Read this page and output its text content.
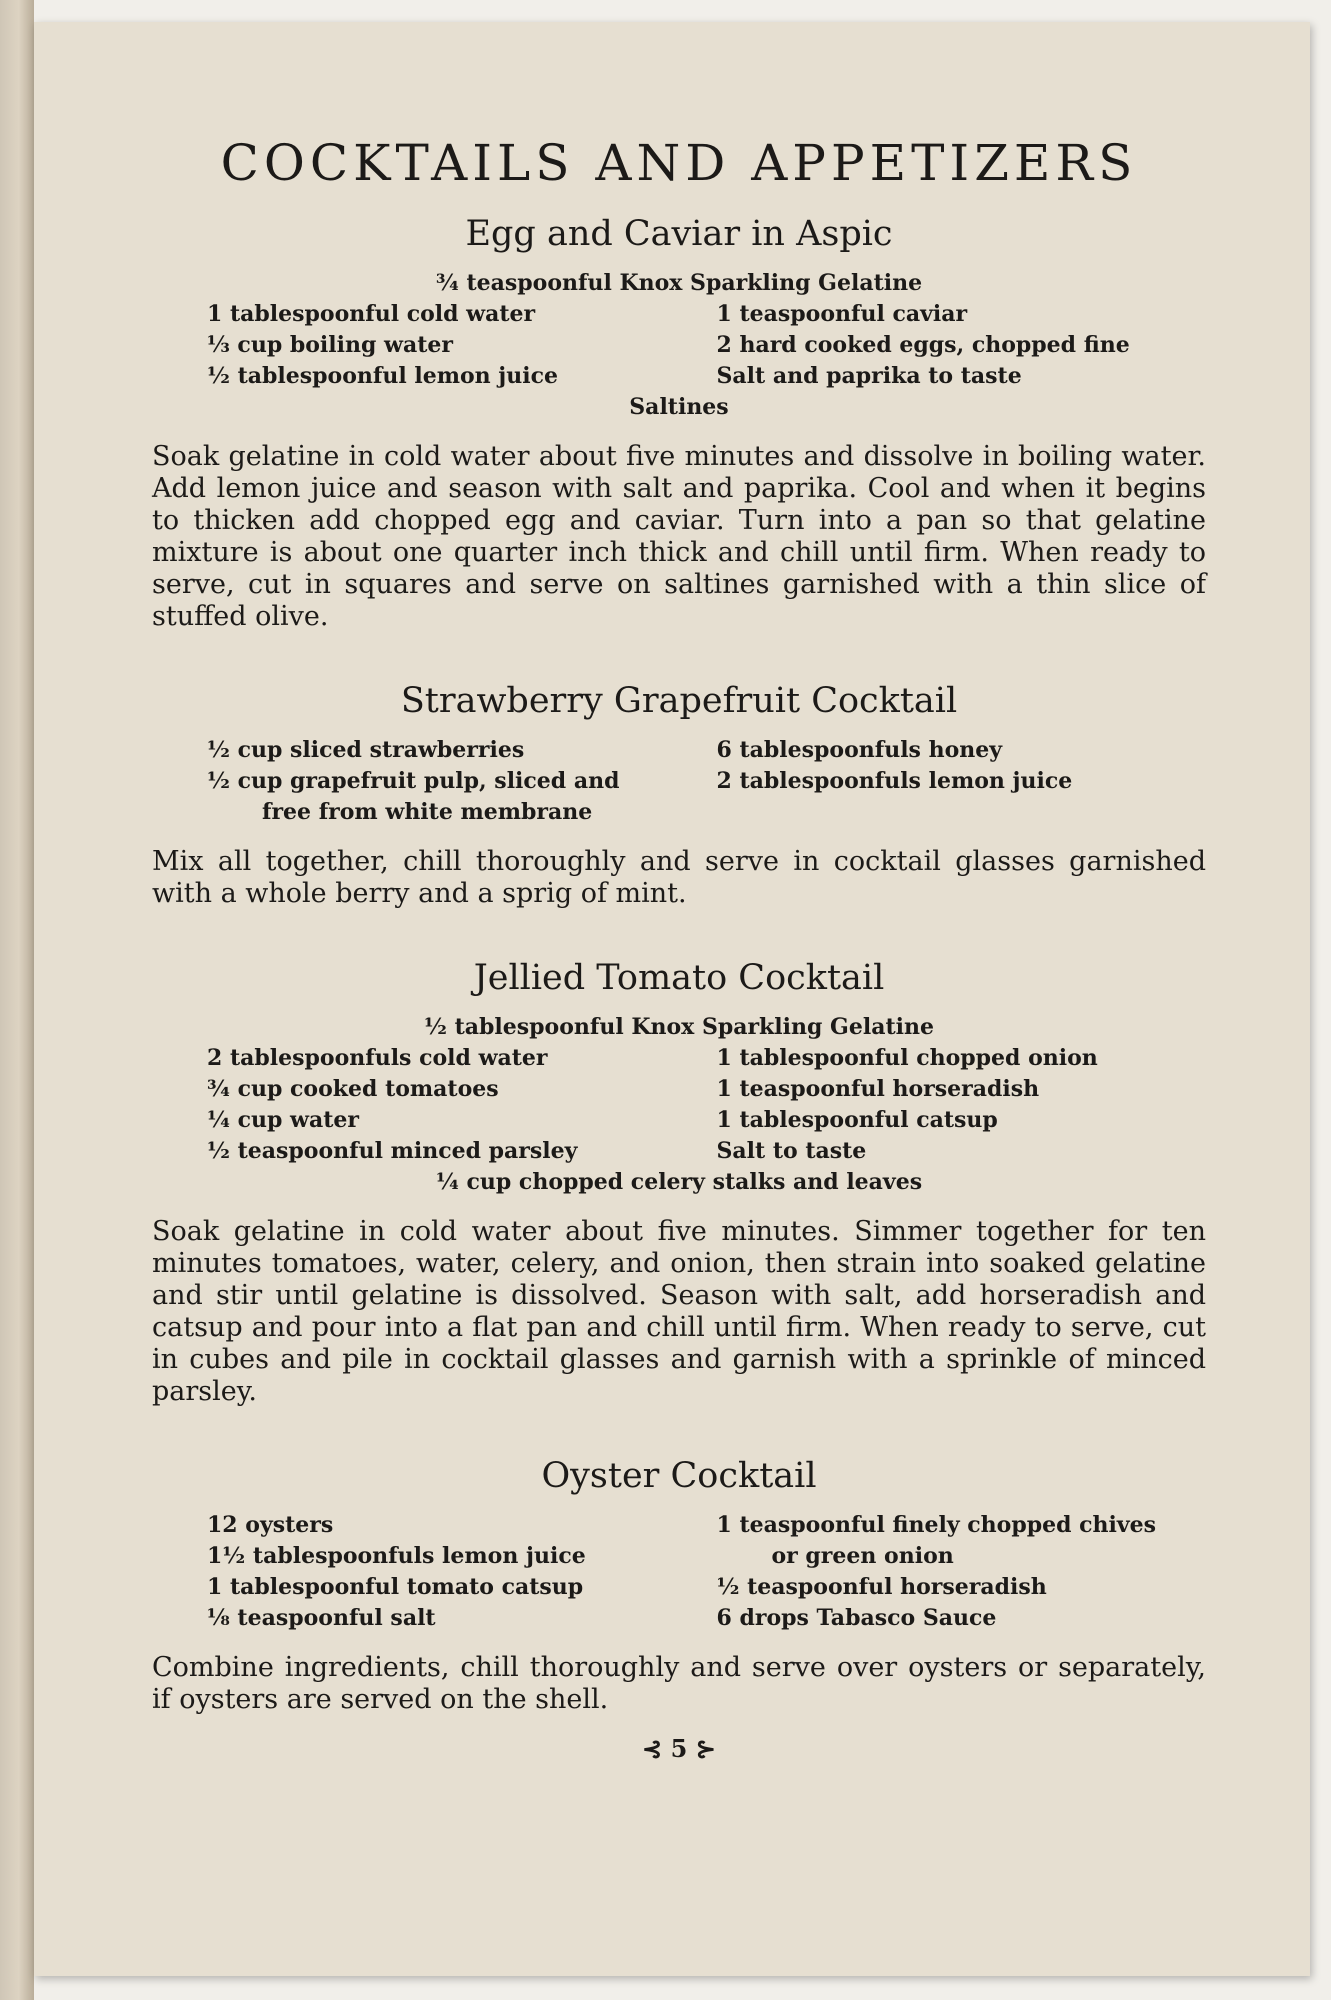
COCKTAILS AND APPETIZERS
Egg and Caviar in Aspic
¾ teaspoonful Knox Sparkling Gelatine
1 tablespoonful cold water
⅓ cup boiling water
½ tablespoonful lemon juice
1 teaspoonful caviar
2 hard cooked eggs, chopped fine
Salt and paprika to taste
Saltines

Soak gelatine in cold water about five minutes and dissolve in boiling water. Add lemon juice and season with salt and paprika. Cool and when it begins to thicken add chopped egg and caviar. Turn into a pan so that gelatine mixture is about one quarter inch thick and chill until firm. When ready to serve, cut in squares and serve on saltines garnished with a thin slice of stuffed olive.

Strawberry Grapefruit Cocktail
½ cup sliced strawberries
½ cup grapefruit pulp, sliced and
free from white membrane
6 tablespoonfuls honey
2 tablespoonfuls lemon juice

Mix all together, chill thoroughly and serve in cocktail glasses garnished with a whole berry and a sprig of mint.

Jellied Tomato Cocktail
½ tablespoonful Knox Sparkling Gelatine
2 tablespoonfuls cold water
¾ cup cooked tomatoes
¼ cup water
½ teaspoonful minced parsley
1 tablespoonful chopped onion
1 teaspoonful horseradish
1 tablespoonful catsup
Salt to taste
¼ cup chopped celery stalks and leaves

Soak gelatine in cold water about five minutes. Simmer together for ten minutes tomatoes, water, celery, and onion, then strain into soaked gelatine and stir until gelatine is dissolved. Season with salt, add horseradish and catsup and pour into a flat pan and chill until firm. When ready to serve, cut in cubes and pile in cocktail glasses and garnish with a sprinkle of minced parsley.

Oyster Cocktail
12 oysters
1½ tablespoonfuls lemon juice
1 tablespoonful tomato catsup
⅛ teaspoonful salt
1 teaspoonful finely chopped chives
or green onion
½ teaspoonful horseradish
6 drops Tabasco Sauce

Combine ingredients, chill thoroughly and serve over oysters or separately, if oysters are served on the shell.

⊰ 5 ⊱
